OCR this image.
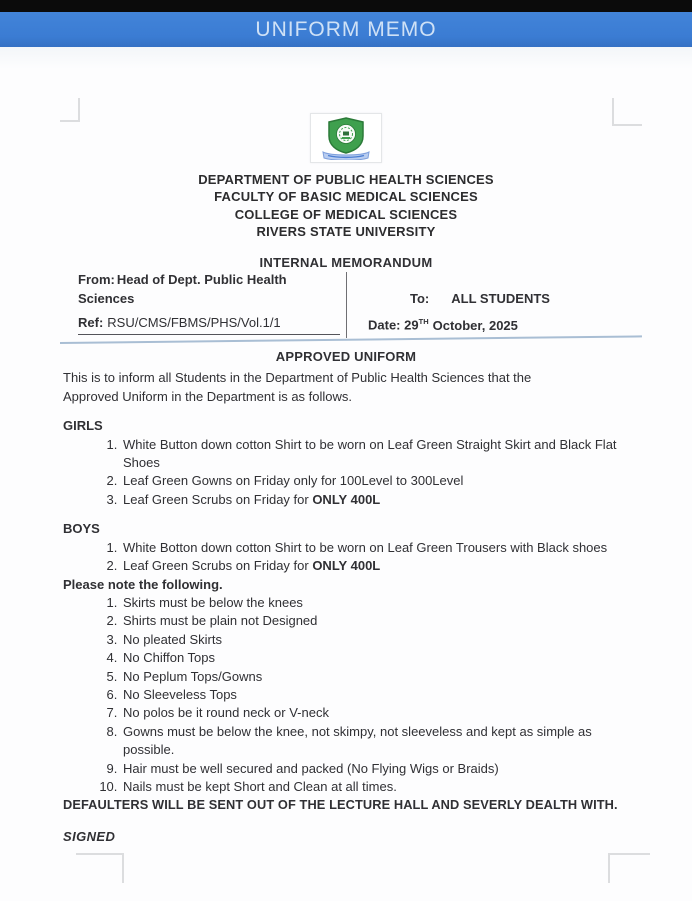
UNIFORM MEMO
DEPARTMENT OF PUBLIC HEALTH SCIENCES
FACULTY OF BASIC MEDICAL SCIENCES
COLLEGE OF MEDICAL SCIENCES
RIVERS STATE UNIVERSITY
INTERNAL MEMORANDUM
From: Head of Dept. Public Health Sciences	To: ALL STUDENTS
Ref: RSU/CMS/FBMS/PHS/Vol.1/1	Date: 29TH October, 2025
APPROVED UNIFORM

This is to inform all Students in the Department of Public Health Sciences that the Approved Uniform in the Department is as follows.

GIRLS
1. White Button down cotton Shirt to be worn on Leaf Green Straight Skirt and Black Flat Shoes
2. Leaf Green Gowns on Friday only for 100Level to 300Level
3. Leaf Green Scrubs on Friday for ONLY 400L
BOYS
1. White Botton down cotton Shirt to be worn on Leaf Green Trousers with Black shoes
2. Leaf Green Scrubs on Friday for ONLY 400L
Please note the following.
1. Skirts must be below the knees
2. Shirts must be plain not Designed
3. No pleated Skirts
4. No Chiffon Tops
5. No Peplum Tops/Gowns
6. No Sleeveless Tops
7. No polos be it round neck or V-neck
8. Gowns must be below the knee, not skimpy, not sleeveless and kept as simple as possible.
9. Hair must be well secured and packed (No Flying Wigs or Braids)
10. Nails must be kept Short and Clean at all times.
DEFAULTERS WILL BE SENT OUT OF THE LECTURE HALL AND SEVERLY DEALTH WITH.
SIGNED
